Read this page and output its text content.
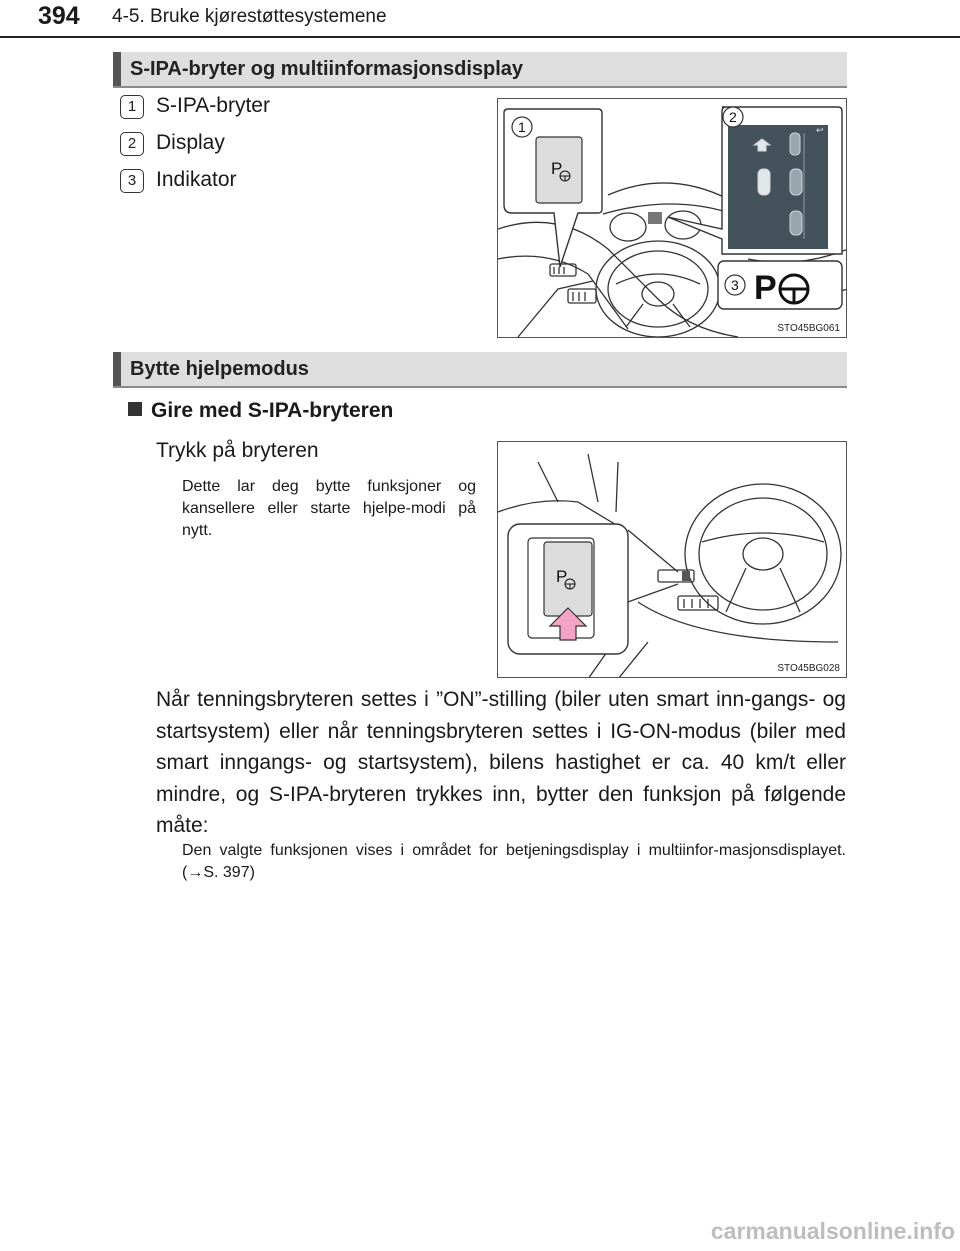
394 4-5. Bruke kjørestøttesystemene
S-IPA-bryter og multiinformasjonsdisplay
1 S-IPA-bryter
2 Display
3 Indikator	P
1
2
↩
3 P
STO45BG061
Bytte hjelpemodus
Gire med S-IPA-bryteren
Trykk på bryteren
Dette lar deg bytte funksjoner og kansellere eller starte hjelpe-modi på nytt.
P
STO45BG028
Når tenningsbryteren settes i ”ON”-stilling (biler uten smart inn-gangs- og startsystem) eller når tenningsbryteren settes i IG-ON-modus (biler med smart inngangs- og startsystem), bilens hastighet er ca. 40 km/t eller mindre, og S-IPA-bryteren trykkes inn, bytter den funksjon på følgende måte:
Den valgte funksjonen vises i området for betjeningsdisplay i multiinfor-masjonsdisplayet. (→S. 397)
carmanualsonline.info
